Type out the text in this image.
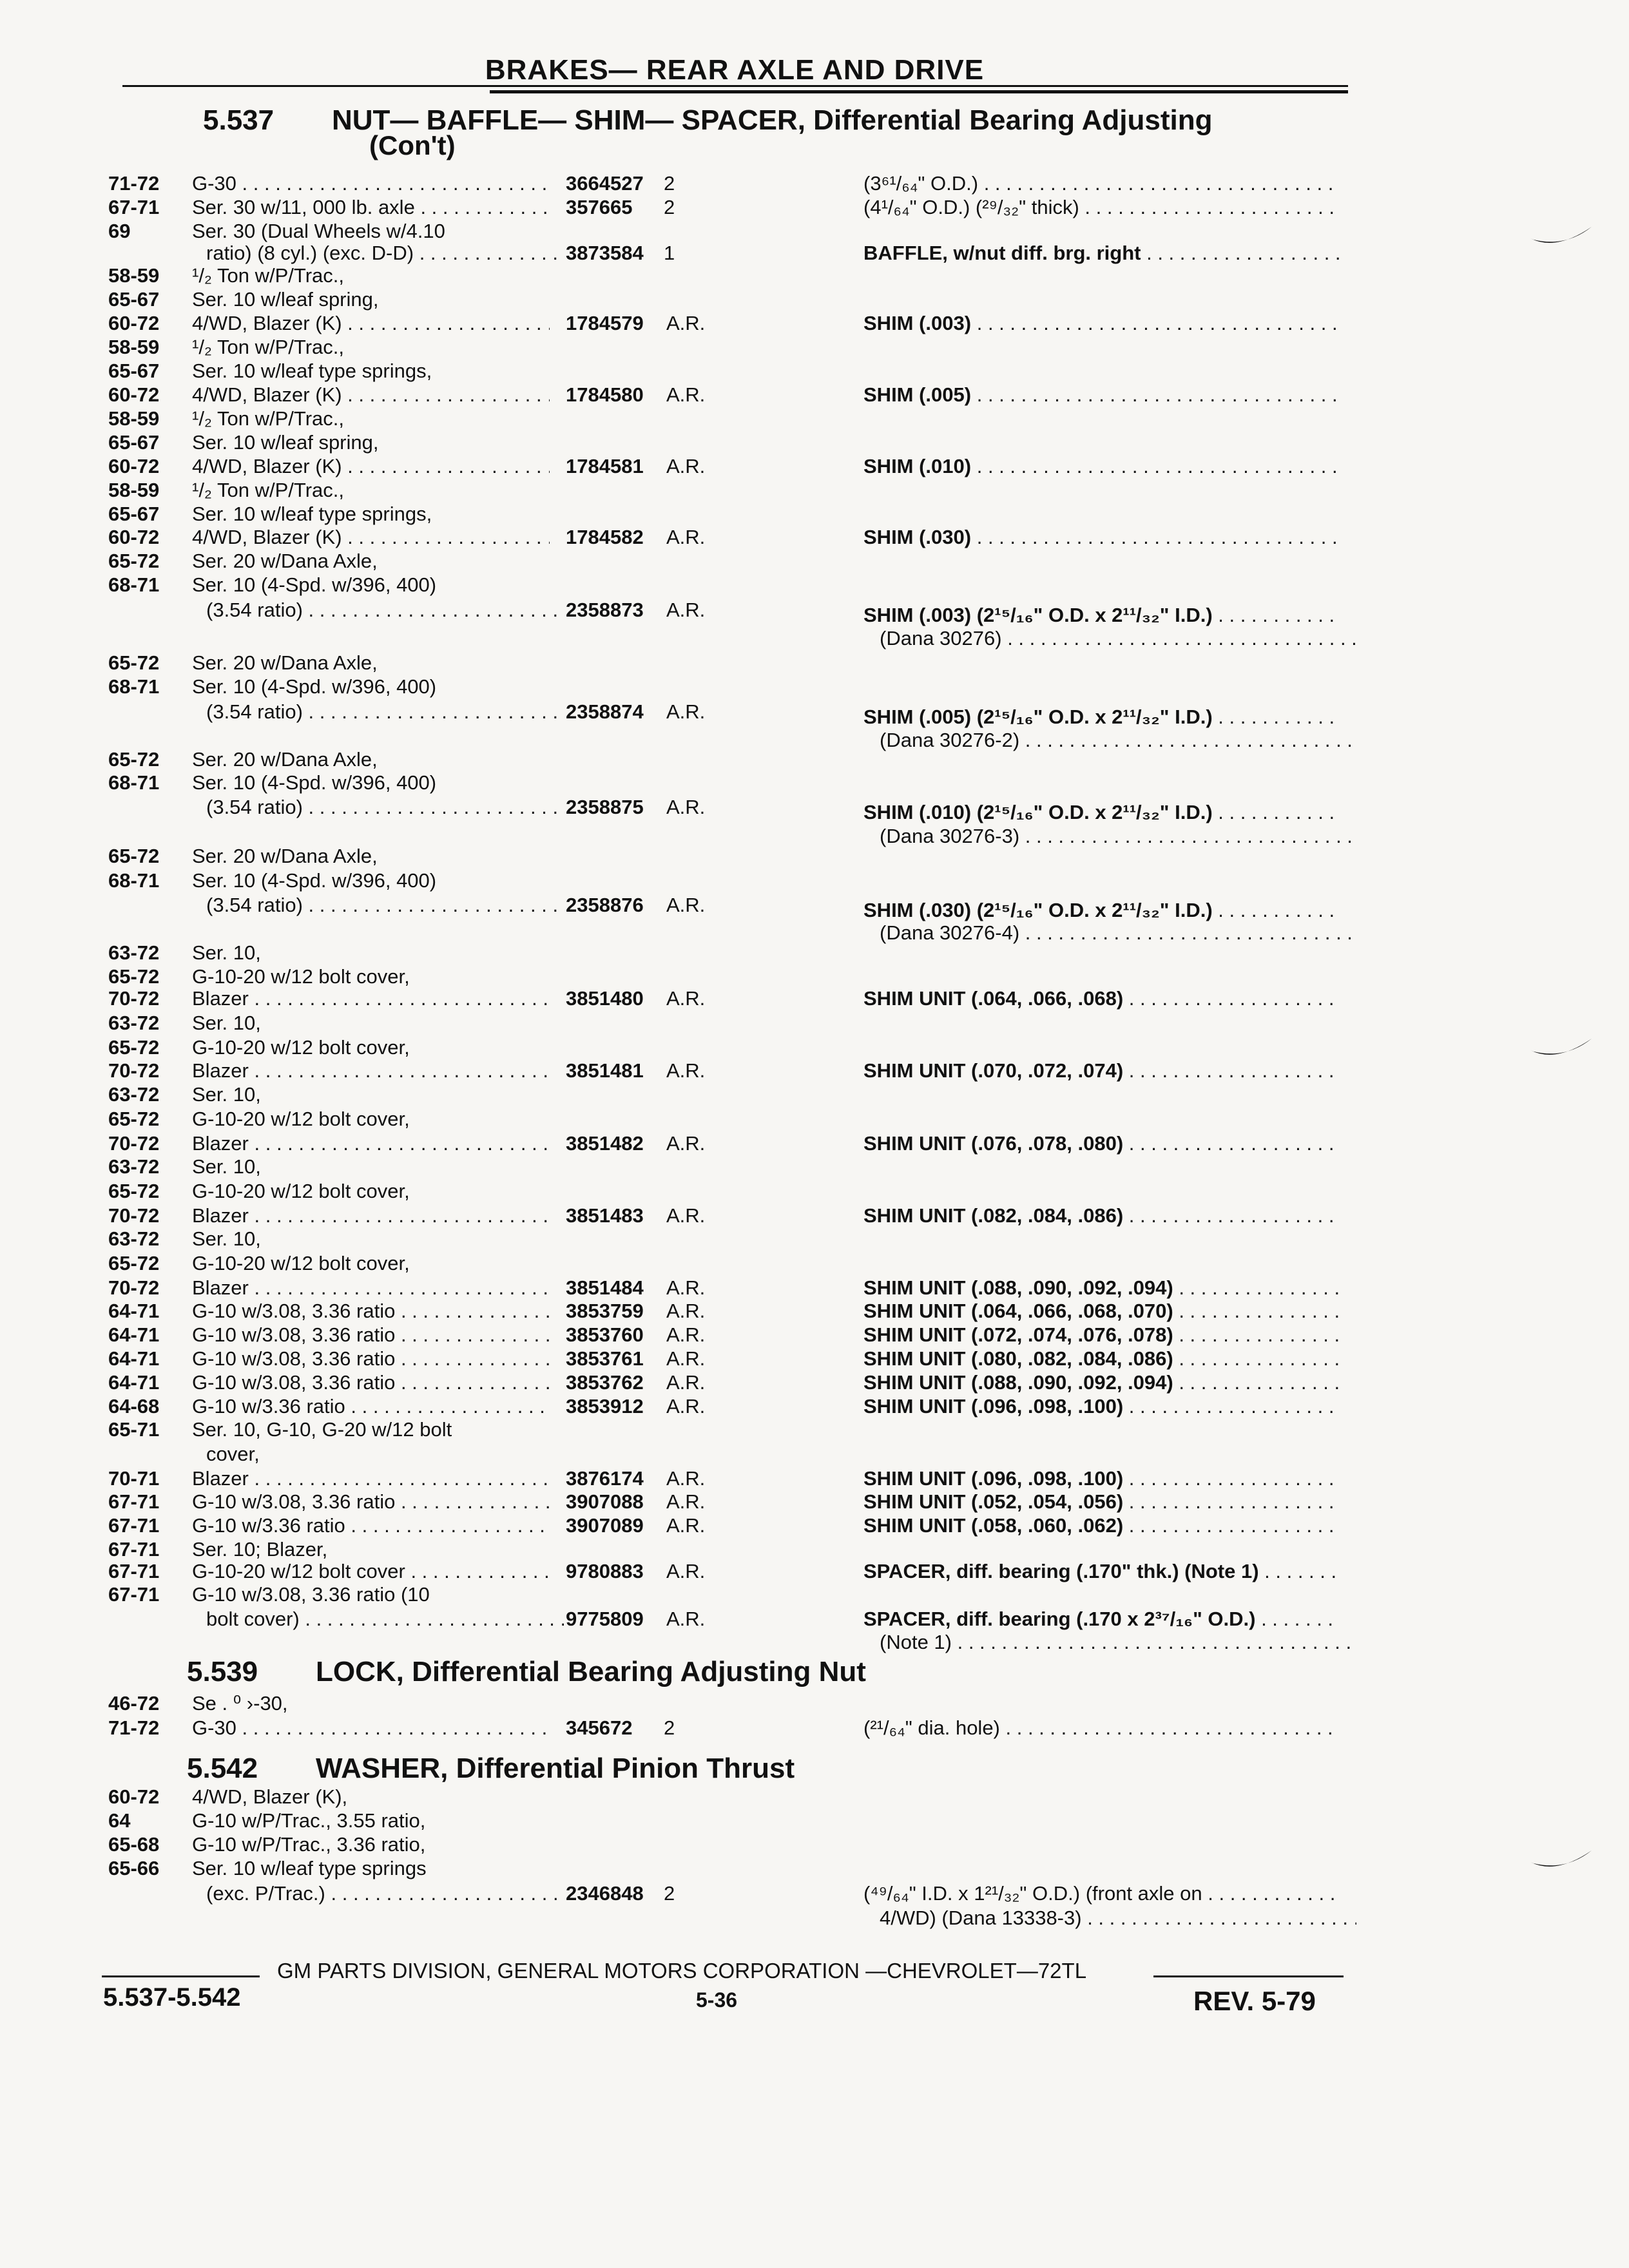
BRAKES— REAR AXLE AND DRIVE
5.537 NUT— BAFFLE— SHIM— SPACER, Differential Bearing Adjusting
(Con't)
5.539 LOCK, Differential Bearing Adjusting Nut
5.542 WASHER, Differential Pinion Thrust
71-72	G-30 . . .	3664527 2	(3⁶¹/₆₄" O.D.) . . .
67-71	Ser. 30 w/11, 000 lb. axle . . .	357665 2	(4¹/₆₄" O.D.) (²⁹/₃₂" thick) . . .
69	Ser. 30 (Dual Wheels w/4.10
ratio) (8 cyl.) (exc. D-D) . . .	3873584 1	BAFFLE, w/nut diff. brg. right . . .
58-59	¹/₂ Ton w/P/Trac.,
65-67	Ser. 10 w/leaf spring,
60-72	4/WD, Blazer (K) . . .	1784579 A.R.	SHIM (.003) . . .
58-59	¹/₂ Ton w/P/Trac.,
65-67	Ser. 10 w/leaf type springs,
60-72	4/WD, Blazer (K) . . .	1784580 A.R.	SHIM (.005) . . .
58-59	¹/₂ Ton w/P/Trac.,
65-67	Ser. 10 w/leaf spring,
60-72	4/WD, Blazer (K) . . .	1784581 A.R.	SHIM (.010) . . .
58-59	¹/₂ Ton w/P/Trac.,
65-67	Ser. 10 w/leaf type springs,
60-72	4/WD, Blazer (K) . . .	1784582 A.R.	SHIM (.030) . . .
65-72	Ser. 20 w/Dana Axle,
68-71	Ser. 10 (4-Spd. w/396, 400)
(3.54 ratio) . . .	2358873 A.R.	SHIM (.003) (2¹⁵/₁₆" O.D. x 2¹¹/₃₂" I.D.) . . .
(Dana 30276) . . .
65-72	Ser. 20 w/Dana Axle,
68-71	Ser. 10 (4-Spd. w/396, 400)
(3.54 ratio) . . .	2358874 A.R.	SHIM (.005) (2¹⁵/₁₆" O.D. x 2¹¹/₃₂" I.D.) . . .
(Dana 30276-2) . . .
65-72	Ser. 20 w/Dana Axle,
68-71	Ser. 10 (4-Spd. w/396, 400)
(3.54 ratio) . . .	2358875 A.R.	SHIM (.010) (2¹⁵/₁₆" O.D. x 2¹¹/₃₂" I.D.) . . .
(Dana 30276-3) . . .
65-72	Ser. 20 w/Dana Axle,
68-71	Ser. 10 (4-Spd. w/396, 400)
(3.54 ratio) . . .	2358876 A.R.	SHIM (.030) (2¹⁵/₁₆" O.D. x 2¹¹/₃₂" I.D.) . . .
(Dana 30276-4) . . .
63-72	Ser. 10,
65-72	G-10-20 w/12 bolt cover,
70-72	Blazer . . .	3851480 A.R.	SHIM UNIT (.064, .066, .068) . . .
63-72	Ser. 10,
65-72	G-10-20 w/12 bolt cover,
70-72	Blazer . . .	3851481 A.R.	SHIM UNIT (.070, .072, .074) . . .
63-72	Ser. 10,
65-72	G-10-20 w/12 bolt cover,
70-72	Blazer . . .	3851482 A.R.	SHIM UNIT (.076, .078, .080) . . .
63-72	Ser. 10,
65-72	G-10-20 w/12 bolt cover,
70-72	Blazer . . .	3851483 A.R.	SHIM UNIT (.082, .084, .086) . . .
63-72	Ser. 10,
65-72	G-10-20 w/12 bolt cover,
70-72	Blazer . . .	3851484 A.R.	SHIM UNIT (.088, .090, .092, .094) . . .
64-71	G-10 w/3.08, 3.36 ratio . . .	3853759 A.R.	SHIM UNIT (.064, .066, .068, .070) . . .
64-71	G-10 w/3.08, 3.36 ratio . . .	3853760 A.R.	SHIM UNIT (.072, .074, .076, .078) . . .
64-71	G-10 w/3.08, 3.36 ratio . . .	3853761 A.R.	SHIM UNIT (.080, .082, .084, .086) . . .
64-71	G-10 w/3.08, 3.36 ratio . . .	3853762 A.R.	SHIM UNIT (.088, .090, .092, .094) . . .
64-68	G-10 w/3.36 ratio . . .	3853912 A.R.	SHIM UNIT (.096, .098, .100) . . .
65-71	Ser. 10, G-10, G-20 w/12 bolt
cover,
70-71	Blazer . . .	3876174 A.R.	SHIM UNIT (.096, .098, .100) . . .
67-71	G-10 w/3.08, 3.36 ratio . . .	3907088 A.R.	SHIM UNIT (.052, .054, .056) . . .
67-71	G-10 w/3.36 ratio . . .	3907089 A.R.	SHIM UNIT (.058, .060, .062) . . .
67-71	Ser. 10; Blazer,
67-71	G-10-20 w/12 bolt cover . . .	9780883 A.R.	SPACER, diff. bearing (.170" thk.) (Note 1) . . .
67-71	G-10 w/3.08, 3.36 ratio (10
bolt cover) . . .	9775809 A.R.	SPACER, diff. bearing (.170 x 2³⁷/₁₆" O.D.) . . .
(Note 1) . . .
46-72	Se . ⁰ ›-30,
71-72	G-30 . . .	345672 2	(²¹/₆₄" dia. hole) . . .
60-72	4/WD, Blazer (K),
64	G-10 w/P/Trac., 3.55 ratio,
65-68	G-10 w/P/Trac., 3.36 ratio,
65-66	Ser. 10 w/leaf type springs
(exc. P/Trac.) . . .	2346848 2	(⁴⁹/₆₄" I.D. x 1²¹/₃₂" O.D.) (front axle on . . .
4/WD) (Dana 13338-3) . . .
GM PARTS DIVISION, GENERAL MOTORS CORPORATION —CHEVROLET—72TL
5.537-5.542	5-36	REV. 5-79
